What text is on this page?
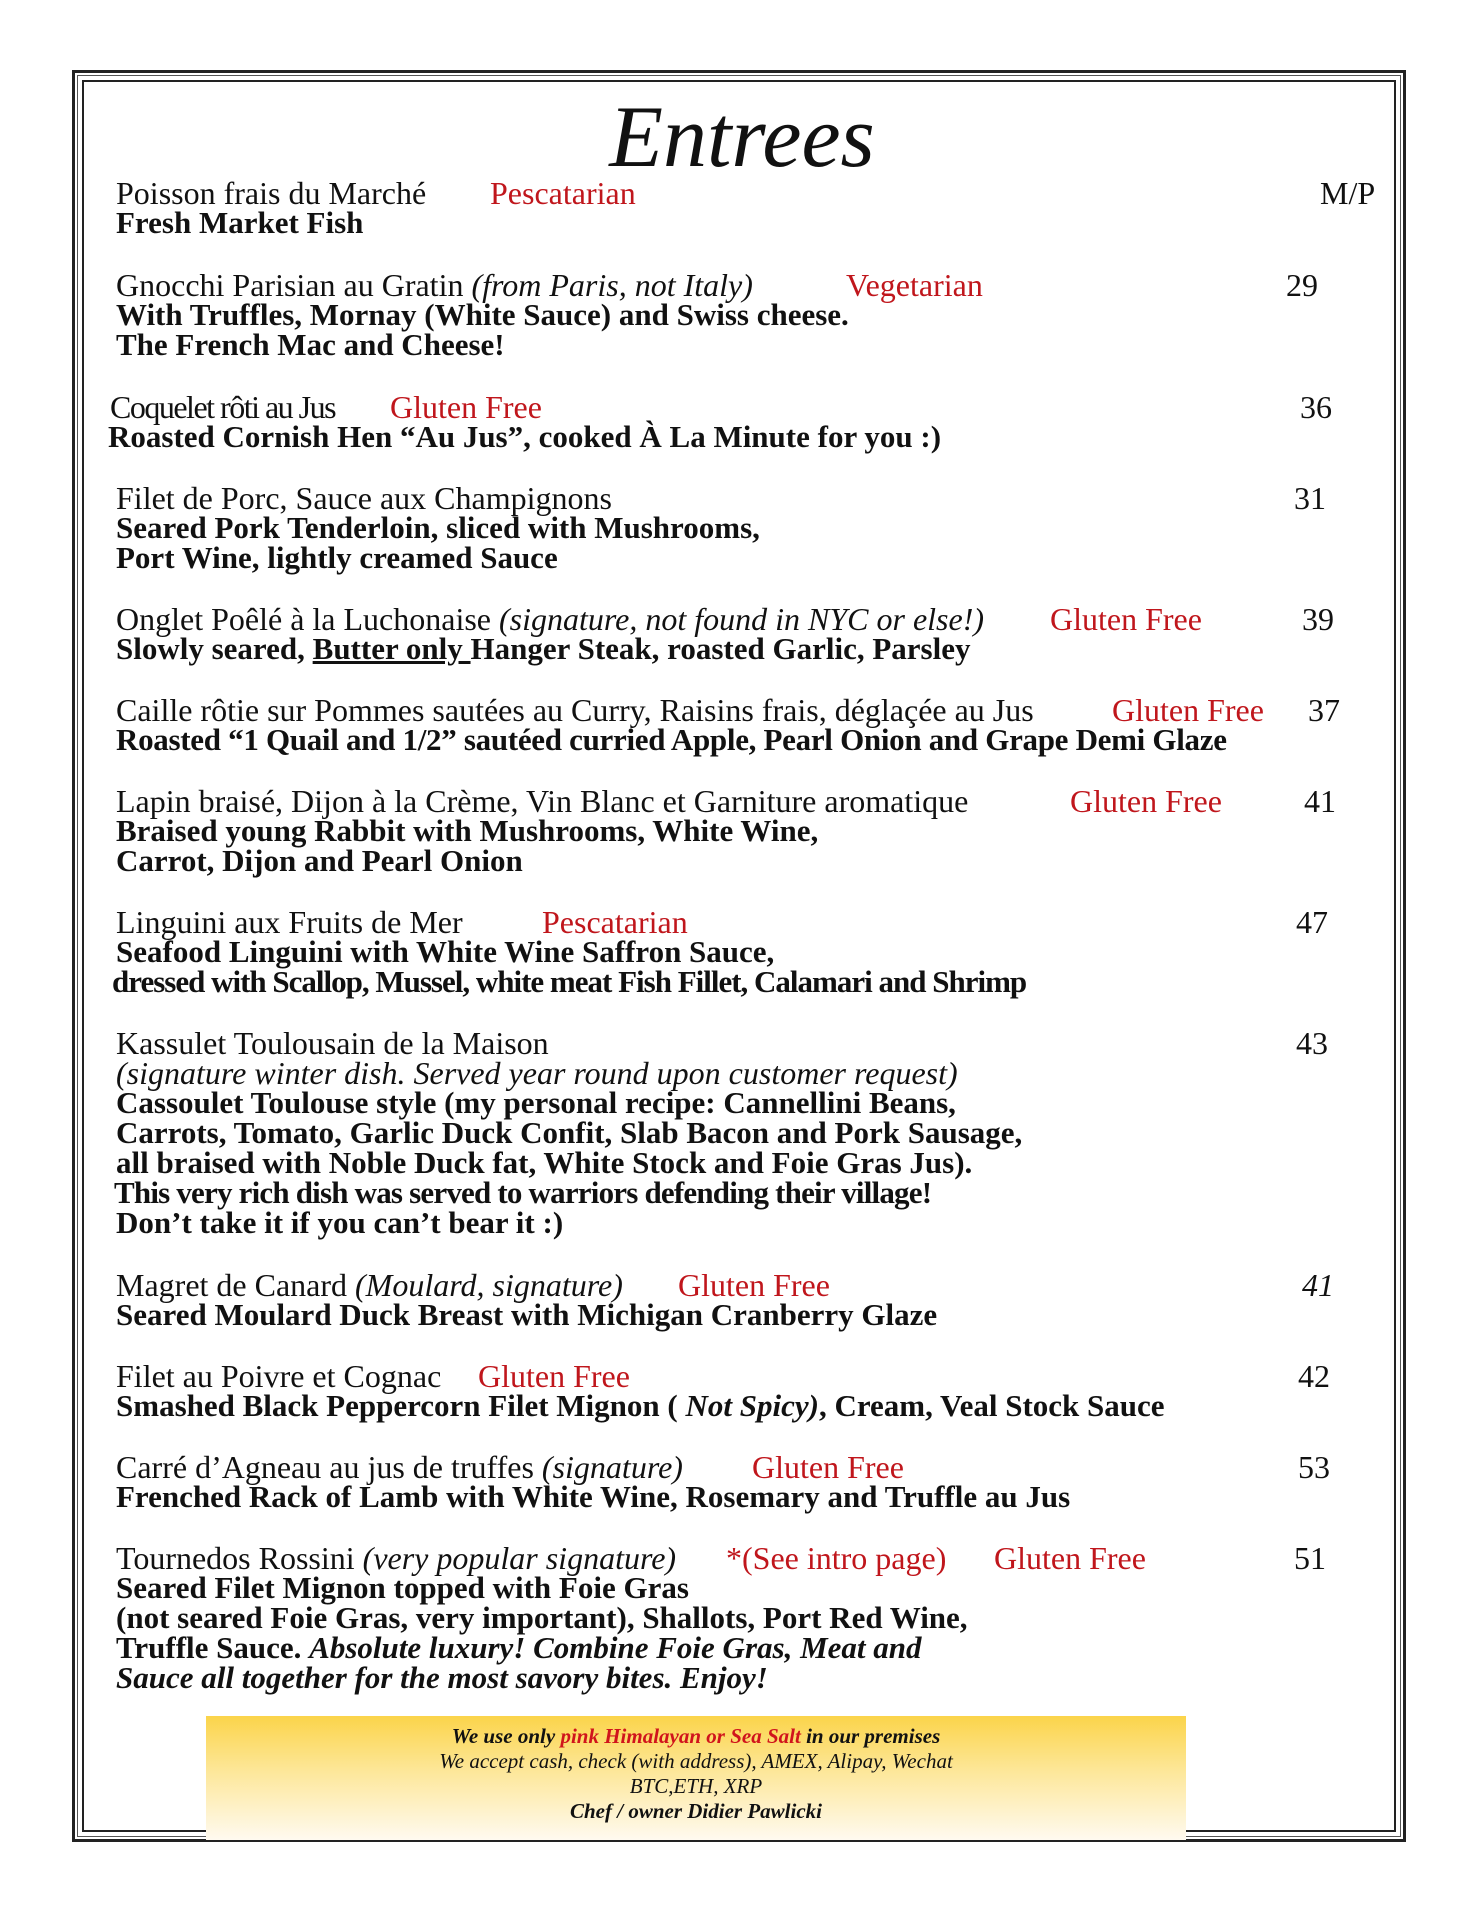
Entrees
Poisson frais du Marché Pescatarian	M/P
Fresh Market Fish
Gnocchi Parisian au Gratin (from Paris, not Italy)	Vegetarian	29
With Truffles, Mornay (White Sauce) and Swiss cheese.
The French Mac and Cheese!
Coquelet rôti au Jus Gluten Free	36
Roasted Cornish Hen “Au Jus”, cooked À La Minute for you :)
Filet de Porc, Sauce aux Champignons	31
Seared Pork Tenderloin, sliced with Mushrooms,
Port Wine, lightly creamed Sauce
Onglet Poêlé à la Luchonaise (signature, not found in NYC or else!) Gluten Free	39
Slowly seared, Butter only Hanger Steak, roasted Garlic, Parsley
Caille rôtie sur Pommes sautées au Curry, Raisins frais, déglaçée au Jus Gluten Free 37
Roasted “1 Quail and 1/2” sautéed curried Apple, Pearl Onion and Grape Demi Glaze
Lapin braisé, Dijon à la Crème, Vin Blanc et Garniture aromatique	Gluten Free	41
Braised young Rabbit with Mushrooms, White Wine,
Carrot, Dijon and Pearl Onion
Linguini aux Fruits de Mer Pescatarian	47
Seafood Linguini with White Wine Saffron Sauce,
dressed with Scallop, Mussel, white meat Fish Fillet, Calamari and Shrimp
Kassulet Toulousain de la Maison	43
(signature winter dish. Served year round upon customer request)
Cassoulet Toulouse style (my personal recipe: Cannellini Beans,
Carrots, Tomato, Garlic Duck Confit, Slab Bacon and Pork Sausage,
all braised with Noble Duck fat, White Stock and Foie Gras Jus).
This very rich dish was served to warriors defending their village!
Don’t take it if you can’t bear it :)
Magret de Canard (Moulard, signature) Gluten Free	41
Seared Moulard Duck Breast with Michigan Cranberry Glaze
Filet au Poivre et Cognac Gluten Free	42
Smashed Black Peppercorn Filet Mignon ( Not Spicy), Cream, Veal Stock Sauce
Carré d’Agneau au jus de truffes (signature) Gluten Free	53
Frenched Rack of Lamb with White Wine, Rosemary and Truffle au Jus
Tournedos Rossini (very popular signature) *(See intro page) Gluten Free	51
Seared Filet Mignon topped with Foie Gras
(not seared Foie Gras, very important), Shallots, Port Red Wine,
Truffle Sauce. Absolute luxury! Combine Foie Gras, Meat and
Sauce all together for the most savory bites. Enjoy!
We use only pink Himalayan or Sea Salt in our premises
We accept cash, check (with address), AMEX, Alipay, Wechat
BTC,ETH, XRP
Chef / owner Didier Pawlicki
